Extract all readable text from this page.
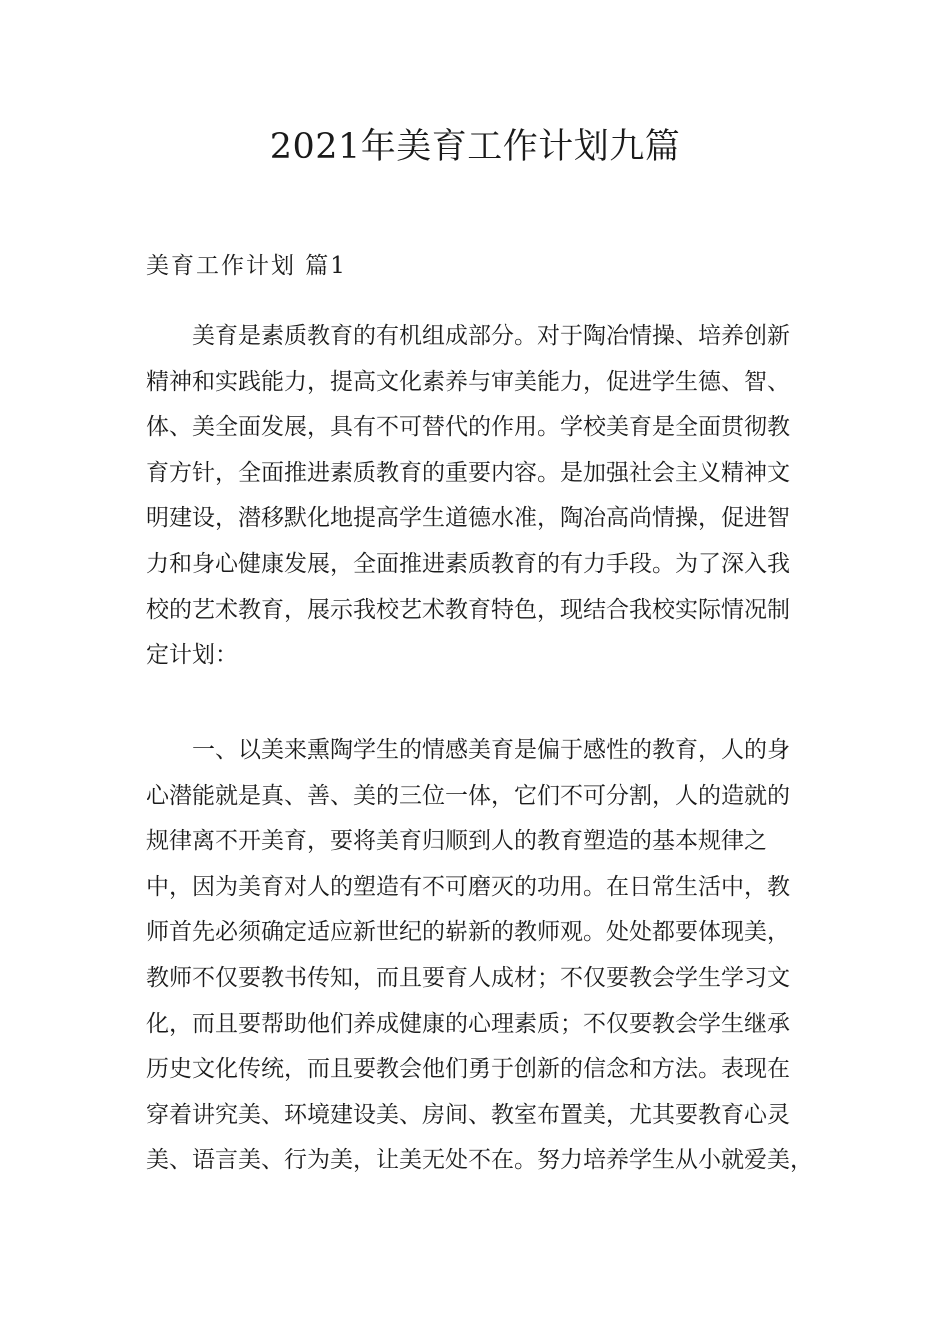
2021年美育工作计划九篇
美育工作计划 篇1
美育是素质教育的有机组成部分。对于陶冶情操、培养创新
精神和实践能力，提高文化素养与审美能力，促进学生德、智、
体、美全面发展，具有不可替代的作用。学校美育是全面贯彻教
育方针，全面推进素质教育的重要内容。是加强社会主义精神文
明建设，潜移默化地提高学生道德水准，陶冶高尚情操，促进智
力和身心健康发展，全面推进素质教育的有力手段。为了深入我
校的艺术教育，展示我校艺术教育特色，现结合我校实际情况制
定计划：
一、以美来熏陶学生的情感美育是偏于感性的教育，人的身
心潜能就是真、善、美的三位一体，它们不可分割，人的造就的
规律离不开美育，要将美育归顺到人的教育塑造的基本规律之
中，因为美育对人的塑造有不可磨灭的功用。在日常生活中，教
师首先必须确定适应新世纪的崭新的教师观。处处都要体现美，
教师不仅要教书传知，而且要育人成材；不仅要教会学生学习文
化，而且要帮助他们养成健康的心理素质；不仅要教会学生继承
历史文化传统，而且要教会他们勇于创新的信念和方法。表现在
穿着讲究美、环境建设美、房间、教室布置美，尤其要教育心灵
美、语言美、行为美，让美无处不在。努力培养学生从小就爱美，
